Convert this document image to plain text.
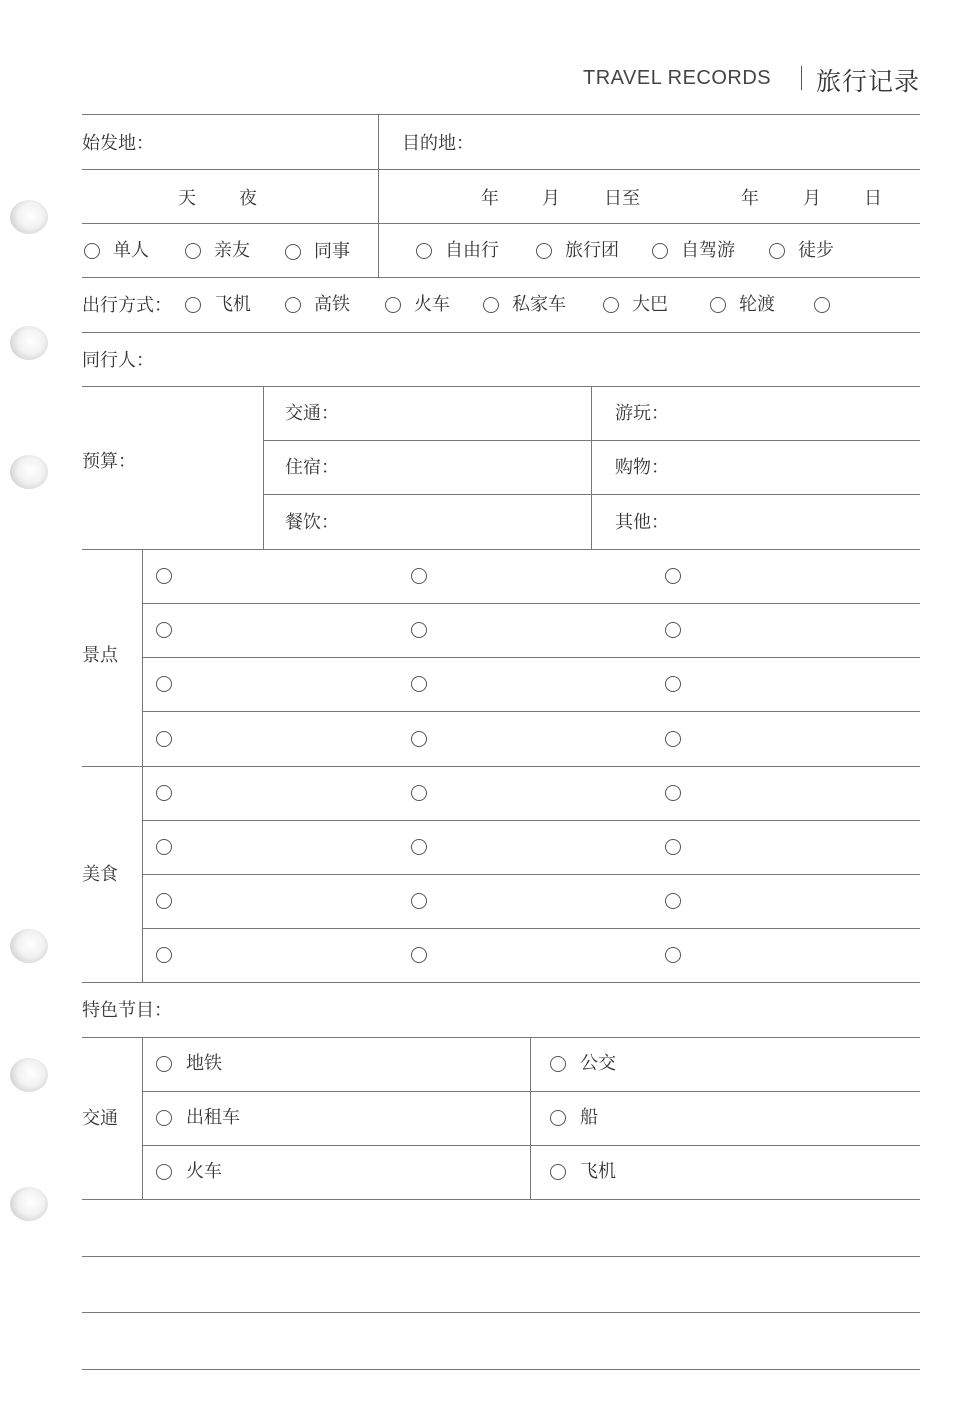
TRAVEL RECORDS 旅行记录
始发地：	目的地：
天 夜	年 月 日至	年 月 日
单人	亲友	同事	自由行	旅行团	自驾游	徒步
出行方式： 飞机	高铁	火车	私家车	大巴	轮渡
同行人：
预算：
交通：	游玩：
住宿：	购物：
餐饮：	其他：
景点
美食
特色节目：
交通
地铁	公交
出租车	船
火车	飞机
